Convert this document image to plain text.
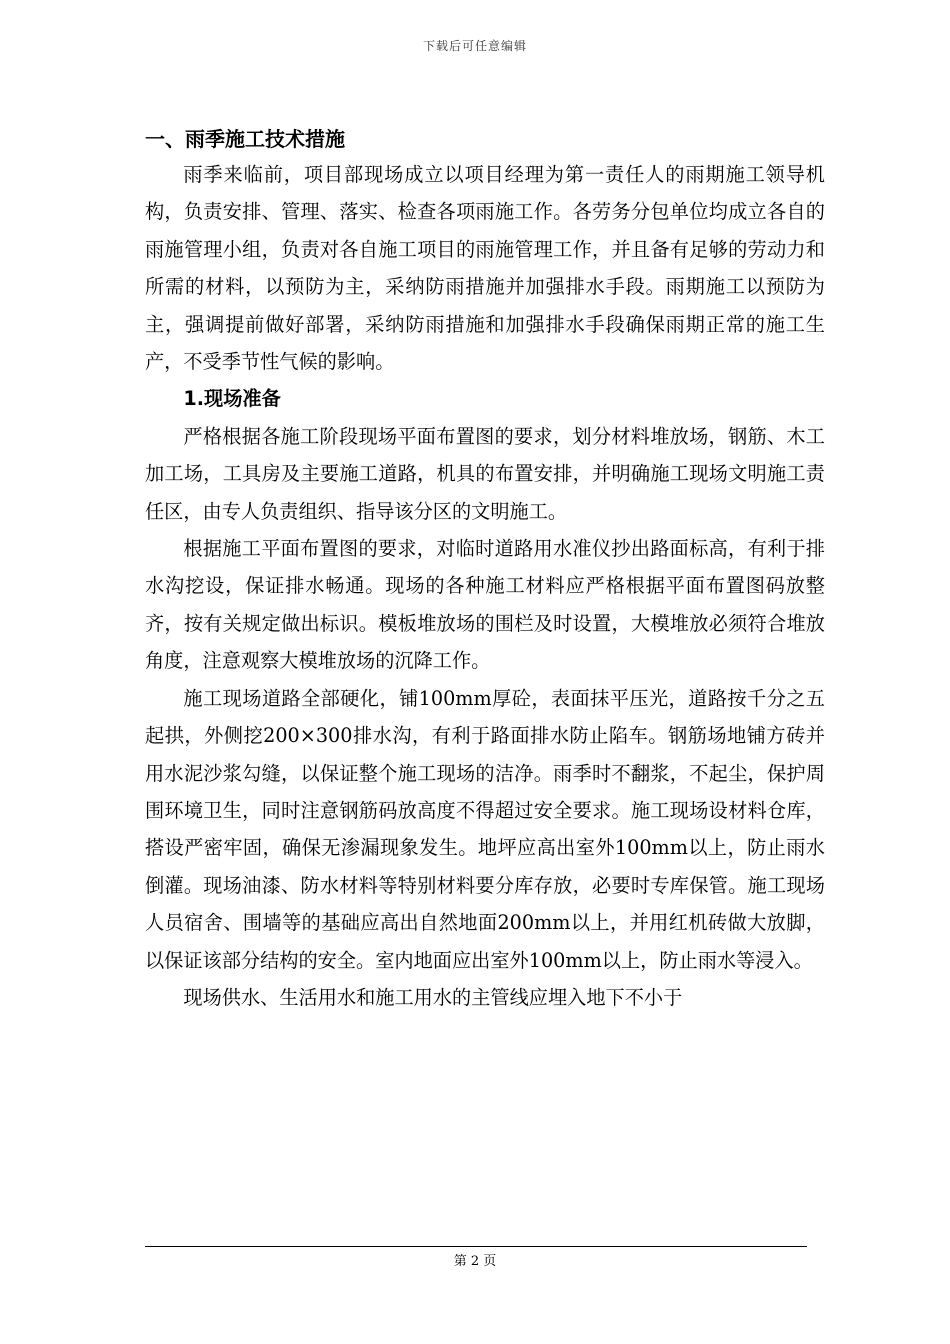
下载后可任意编辑
一、雨季施工技术措施

雨季来临前，项目部现场成立以项目经理为第一责任人的雨期施工领导机构，负责安排、管理、落实、检查各项雨施工作。各劳务分包单位均成立各自的雨施管理小组，负责对各自施工项目的雨施管理工作，并且备有足够的劳动力和所需的材料，以预防为主，采纳防雨措施并加强排水手段。雨期施工以预防为主，强调提前做好部署，采纳防雨措施和加强排水手段确保雨期正常的施工生产，不受季节性气候的影响。

1.现场准备

严格根据各施工阶段现场平面布置图的要求，划分材料堆放场，钢筋、木工加工场，工具房及主要施工道路，机具的布置安排，并明确施工现场文明施工责任区，由专人负责组织、指导该分区的文明施工。

根据施工平面布置图的要求，对临时道路用水准仪抄出路面标高，有利于排水沟挖设，保证排水畅通。现场的各种施工材料应严格根据平面布置图码放整齐，按有关规定做出标识。模板堆放场的围栏及时设置，大模堆放必须符合堆放角度，注意观察大模堆放场的沉降工作。

施工现场道路全部硬化，铺100mm厚砼，表面抹平压光，道路按千分之五起拱，外侧挖200×300排水沟，有利于路面排水防止陷车。钢筋场地铺方砖并用水泥沙浆勾缝，以保证整个施工现场的洁净。雨季时不翻浆，不起尘，保护周围环境卫生，同时注意钢筋码放高度不得超过安全要求。施工现场设材料仓库，搭设严密牢固，确保无渗漏现象发生。地坪应高出室外100mm以上，防止雨水倒灌。现场油漆、防水材料等特别材料要分库存放，必要时专库保管。施工现场人员宿舍、围墙等的基础应高出自然地面200mm以上，并用红机砖做大放脚，以保证该部分结构的安全。室内地面应出室外100mm以上，防止雨水等浸入。

现场供水、生活用水和施工用水的主管线应埋入地下不小于

第 2 页
